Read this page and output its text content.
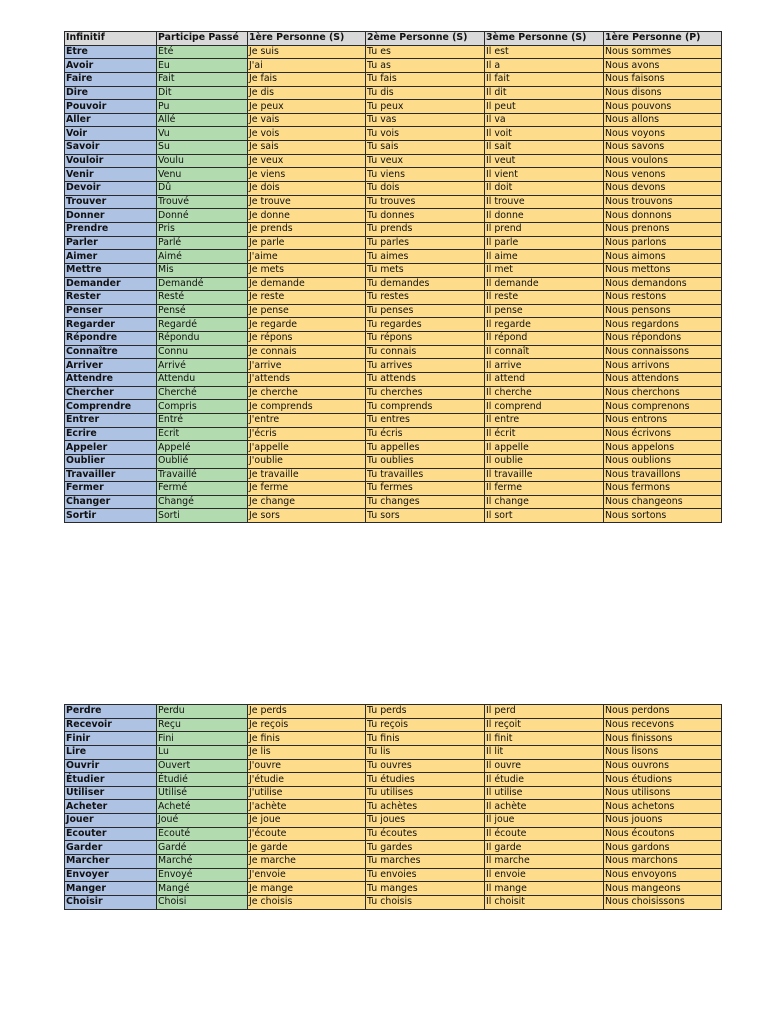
Infinitif	Participe Passé	1ère Personne (S)	2ème Personne (S)	3ème Personne (S)	1ère Personne (P)
Être	Été	Je suis	Tu es	Il est	Nous sommes
Avoir	Eu	J'ai	Tu as	Il a	Nous avons
Faire	Fait	Je fais	Tu fais	Il fait	Nous faisons
Dire	Dit	Je dis	Tu dis	Il dit	Nous disons
Pouvoir	Pu	Je peux	Tu peux	Il peut	Nous pouvons
Aller	Allé	Je vais	Tu vas	Il va	Nous allons
Voir	Vu	Je vois	Tu vois	Il voit	Nous voyons
Savoir	Su	Je sais	Tu sais	Il sait	Nous savons
Vouloir	Voulu	Je veux	Tu veux	Il veut	Nous voulons
Venir	Venu	Je viens	Tu viens	Il vient	Nous venons
Devoir	Dû	Je dois	Tu dois	Il doit	Nous devons
Trouver	Trouvé	Je trouve	Tu trouves	Il trouve	Nous trouvons
Donner	Donné	Je donne	Tu donnes	Il donne	Nous donnons
Prendre	Pris	Je prends	Tu prends	Il prend	Nous prenons
Parler	Parlé	Je parle	Tu parles	Il parle	Nous parlons
Aimer	Aimé	J'aime	Tu aimes	Il aime	Nous aimons
Mettre	Mis	Je mets	Tu mets	Il met	Nous mettons
Demander	Demandé	Je demande	Tu demandes	Il demande	Nous demandons
Rester	Resté	Je reste	Tu restes	Il reste	Nous restons
Penser	Pensé	Je pense	Tu penses	Il pense	Nous pensons
Regarder	Regardé	Je regarde	Tu regardes	Il regarde	Nous regardons
Répondre	Répondu	Je répons	Tu répons	Il répond	Nous répondons
Connaître	Connu	Je connais	Tu connais	Il connaît	Nous connaissons
Arriver	Arrivé	J'arrive	Tu arrives	Il arrive	Nous arrivons
Attendre	Attendu	J'attends	Tu attends	Il attend	Nous attendons
Chercher	Cherché	Je cherche	Tu cherches	Il cherche	Nous cherchons
Comprendre	Compris	Je comprends	Tu comprends	Il comprend	Nous comprenons
Entrer	Entré	J'entre	Tu entres	Il entre	Nous entrons
Écrire	Écrit	J'écris	Tu écris	Il écrit	Nous écrivons
Appeler	Appelé	J'appelle	Tu appelles	Il appelle	Nous appelons
Oublier	Oublié	J'oublie	Tu oublies	Il oublie	Nous oublions
Travailler	Travaillé	Je travaille	Tu travailles	Il travaille	Nous travaillons
Fermer	Fermé	Je ferme	Tu fermes	Il ferme	Nous fermons
Changer	Changé	Je change	Tu changes	Il change	Nous changeons
Sortir	Sorti	Je sors	Tu sors	Il sort	Nous sortons
Perdre	Perdu	Je perds	Tu perds	Il perd	Nous perdons
Recevoir	Reçu	Je reçois	Tu reçois	Il reçoit	Nous recevons
Finir	Fini	Je finis	Tu finis	Il finit	Nous finissons
Lire	Lu	Je lis	Tu lis	Il lit	Nous lisons
Ouvrir	Ouvert	J'ouvre	Tu ouvres	Il ouvre	Nous ouvrons
Étudier	Étudié	J'étudie	Tu étudies	Il étudie	Nous étudions
Utiliser	Utilisé	J'utilise	Tu utilises	Il utilise	Nous utilisons
Acheter	Acheté	J'achète	Tu achètes	Il achète	Nous achetons
Jouer	Joué	Je joue	Tu joues	Il joue	Nous jouons
Écouter	Écouté	J'écoute	Tu écoutes	Il écoute	Nous écoutons
Garder	Gardé	Je garde	Tu gardes	Il garde	Nous gardons
Marcher	Marché	Je marche	Tu marches	Il marche	Nous marchons
Envoyer	Envoyé	J'envoie	Tu envoies	Il envoie	Nous envoyons
Manger	Mangé	Je mange	Tu manges	Il mange	Nous mangeons
Choisir	Choisi	Je choisis	Tu choisis	Il choisit	Nous choisissons
